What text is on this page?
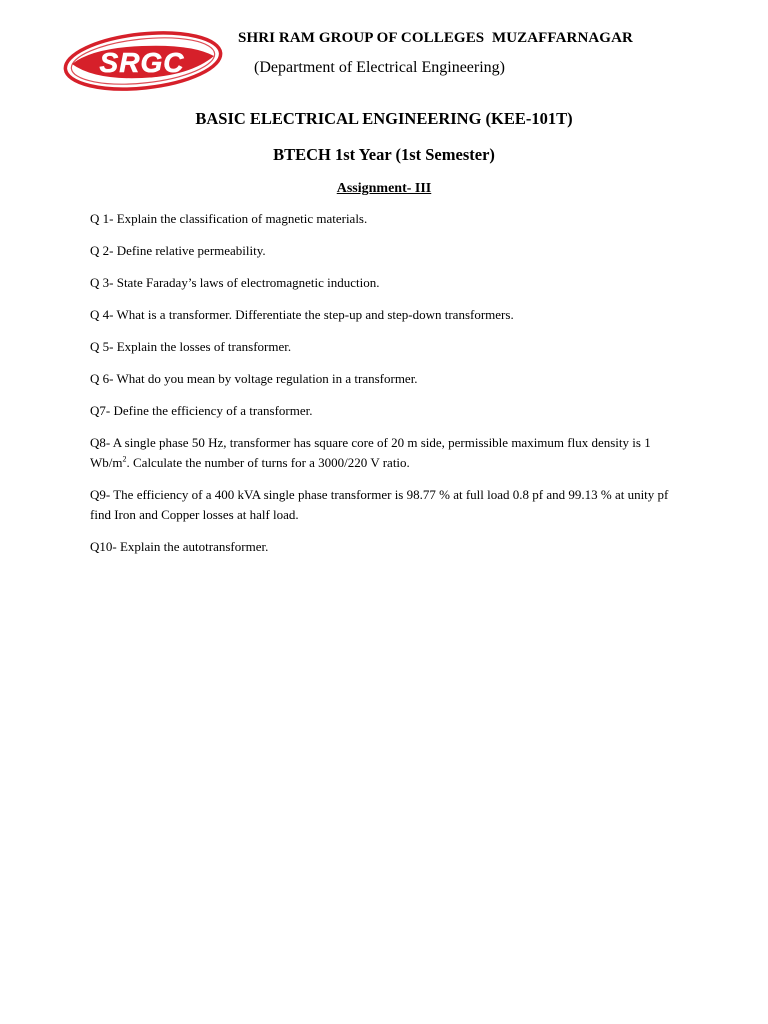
SRGC
SHRI RAM GROUP OF COLLEGES  MUZAFFARNAGAR
(Department of Electrical Engineering)
BASIC ELECTRICAL ENGINEERING (KEE-101T)
BTECH 1st Year (1st Semester)
Assignment- III

Q 1- Explain the classification of magnetic materials.

Q 2- Define relative permeability.

Q 3- State Faraday’s laws of electromagnetic induction.

Q 4- What is a transformer. Differentiate the step-up and step-down transformers.

Q 5- Explain the losses of transformer.

Q 6- What do you mean by voltage regulation in a transformer.

Q7- Define the efficiency of a transformer.

Q8- A single phase 50 Hz, transformer has square core of 20 m side, permissible maximum flux density is 1 $Wb/m^2$. Calculate the number of turns for a 3000/220 V ratio.

Q9- The efficiency of a 400 kVA single phase transformer is 98.77 % at full load 0.8 pf and 99.13 % at unity pf find Iron and Copper losses at half load.

Q10- Explain the autotransformer.
